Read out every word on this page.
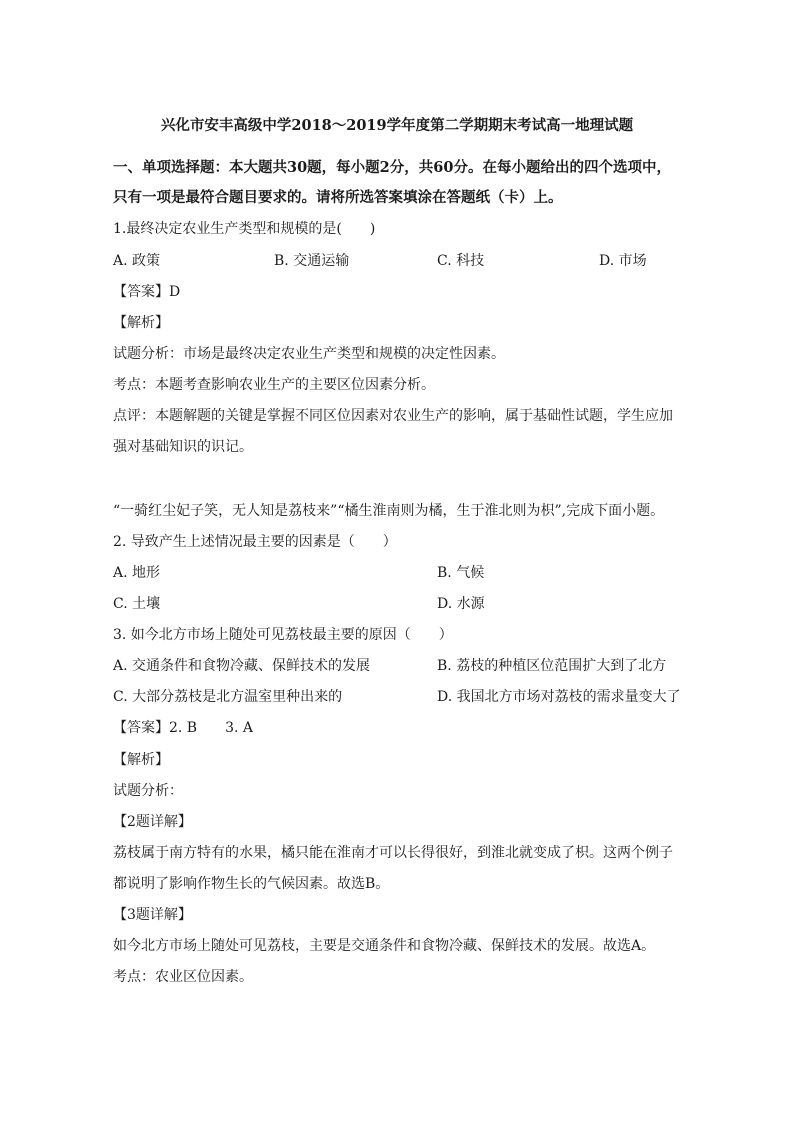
兴化市安丰高级中学2018～2019学年度第二学期期末考试高一地理试题
一、单项选择题：本大题共30题，每小题2分，共60分。在每小题给出的四个选项中，
只有一项是最符合题目要求的。请将所选答案填涂在答题纸（卡）上。
1.最终决定农业生产类型和规模的是(　　)
A. 政策	B. 交通运输	C. 科技	D. 市场
【答案】D
【解析】
试题分析：市场是最终决定农业生产类型和规模的决定性因素。
考点：本题考查影响农业生产的主要区位因素分析。
点评：本题解题的关键是掌握不同区位因素对农业生产的影响，属于基础性试题，学生应加
强对基础知识的识记。
“一骑红尘妃子笑，无人知是荔枝来”“橘生淮南则为橘，生于淮北则为枳”,完成下面小题。
2. 导致产生上述情况最主要的因素是（　　）
A. 地形	B. 气候
C. 土壤	D. 水源
3. 如今北方市场上随处可见荔枝最主要的原因（　　）
A. 交通条件和食物冷藏、保鲜技术的发展	B. 荔枝的种植区位范围扩大到了北方
C. 大部分荔枝是北方温室里种出来的	D. 我国北方市场对荔枝的需求量变大了
【答案】2. B　　3. A
【解析】
试题分析：
【2题详解】
荔枝属于南方特有的水果，橘只能在淮南才可以长得很好，到淮北就变成了枳。这两个例子
都说明了影响作物生长的气候因素。故选B。
【3题详解】
如今北方市场上随处可见荔枝，主要是交通条件和食物冷藏、保鲜技术的发展。故选A。
考点：农业区位因素。
